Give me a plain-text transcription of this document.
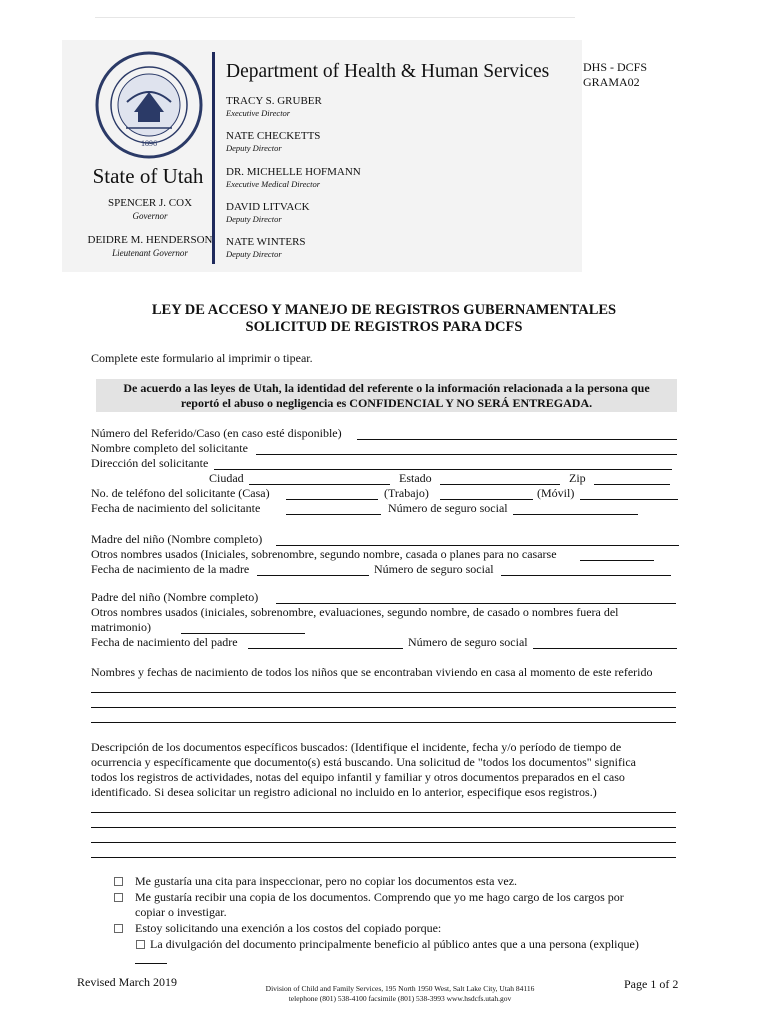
1896
State of Utah
SPENCER J. COX
Governor
DEIDRE M. HENDERSON
Lieutenant Governor
Department of Health & Human Services
TRACY S. GRUBER
Executive Director
NATE CHECKETTS
Deputy Director
DR. MICHELLE HOFMANN
Executive Medical Director
DAVID LITVACK
Deputy Director
NATE WINTERS
Deputy Director
DHS - DCFS
GRAMA02
LEY DE ACCESO Y MANEJO DE REGISTROS GUBERNAMENTALES
SOLICITUD DE REGISTROS PARA DCFS
Complete este formulario al imprimir o tipear.
De acuerdo a las leyes de Utah, la identidad del referente o la información relacionada a la persona que
reportó el abuso o negligencia es CONFIDENCIAL Y NO SERÁ ENTREGADA.
Número del Referido/Caso (en caso esté disponible)
Nombre completo del solicitante
Dirección del solicitante
Ciudad	Estado	Zip
No. de teléfono del solicitante (Casa)	(Trabajo)	(Móvil)
Fecha de nacimiento del solicitante	Número de seguro social
Madre del niño (Nombre completo)
Otros nombres usados (Iniciales, sobrenombre, segundo nombre, casada o planes para no casarse
Fecha de nacimiento de la madre	Número de seguro social
Padre del niño (Nombre completo)
Otros nombres usados (iniciales, sobrenombre, evaluaciones, segundo nombre, de casado o nombres fuera del
matrimonio)
Fecha de nacimiento del padre	Número de seguro social
Nombres y fechas de nacimiento de todos los niños que se encontraban viviendo en casa al momento de este referido
Descripción de los documentos específicos buscados: (Identifique el incidente, fecha y/o período de tiempo de
ocurrencia y específicamente que documento(s) está buscando. Una solicitud de "todos los documentos" significa
todos los registros de actividades, notas del equipo infantil y familiar y otros documentos preparados en el caso
identificado. Si desea solicitar un registro adicional no incluido en lo anterior, especifique esos registros.)
Me gustaría una cita para inspeccionar, pero no copiar los documentos esta vez.
Me gustaría recibir una copia de los documentos. Comprendo que yo me hago cargo de los cargos por
copiar o investigar.
Estoy solicitando una exención a los costos del copiado porque:
La divulgación del documento principalmente beneficio al público antes que a una persona (explique)
Revised March 2019	Division of Child and Family Services, 195 North 1950 West, Salt Lake City, Utah 84116
telephone (801) 538-4100 facsimile (801) 538-3993 www.hsdcfs.utah.gov
Page 1 of 2
